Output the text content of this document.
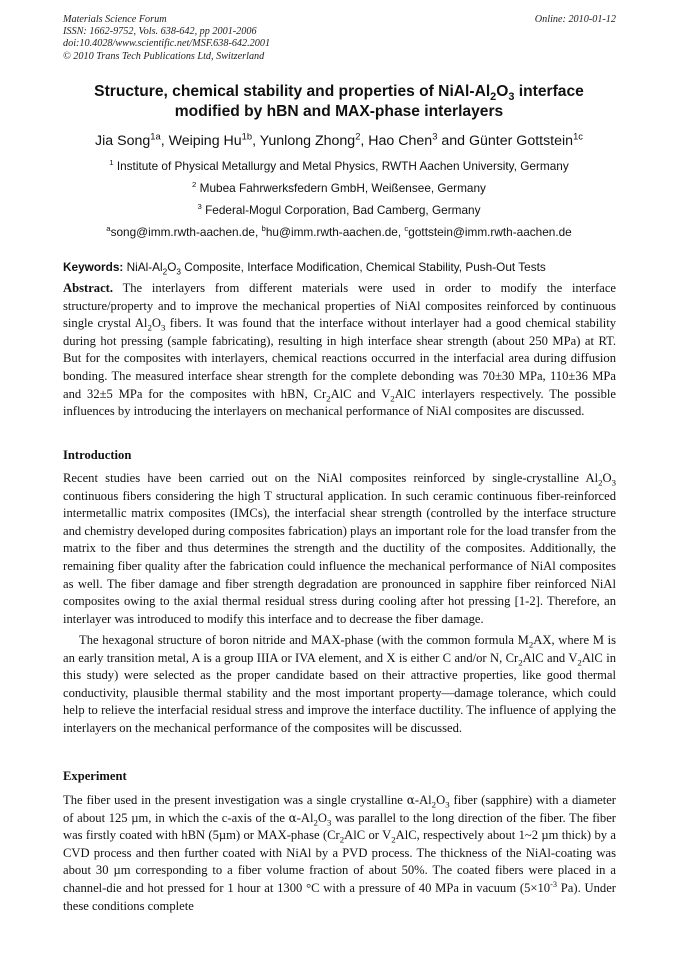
Materials Science Forum
ISSN: 1662-9752, Vols. 638-642, pp 2001-2006
doi:10.4028/www.scientific.net/MSF.638-642.2001
© 2010 Trans Tech Publications Ltd, Switzerland
Online: 2010-01-12
Structure, chemical stability and properties of NiAl-$Al_2O_3$ interface
modified by hBN and MAX-phase interlayers
Jia Song$^{1a}$, Weiping $Hu^{1b}$, Yunlong Zhong$^2$, Hao Chen$^3$ and Günter Gottstein$^{1c}$
$^1$ Institute of Physical Metallurgy and Metal Physics, RWTH Aachen University, Germany
$^2$ Mubea Fahrwerksfedern GmbH, Weißensee, Germany
$^3$ Federal-Mogul Corporation, Bad Camberg, Germany
$^a$song@imm.rwth-aachen.de, $^b$hu@imm.rwth-aachen.de, $^c$gottstein@imm.rwth-aachen.de
Keywords: NiAl-$Al_2O_3$ Composite, Interface Modification, Chemical Stability, Push-Out Tests
Abstract. The interlayers from different materials were used in order to modify the interface structure/property and to improve the mechanical properties of NiAl composites reinforced by continuous single crystal $Al_2O_3$ fibers. It was found that the interface without interlayer had a good chemical stability during hot pressing (sample fabricating), resulting in high interface shear strength (about 250 MPa) at RT. But for the composites with interlayers, chemical reactions occurred in the interfacial area during diffusion bonding. The measured interface shear strength for the complete debonding was 70±30 MPa, 110±36 MPa and 32±5 MPa for the composites with hBN, $Cr_2AlC$ and $V_2AlC$ interlayers respectively. The possible influences by introducing the interlayers on mechanical performance of NiAl composites are discussed.
Introduction
Recent studies have been carried out on the NiAl composites reinforced by single-crystalline $Al_2O_3$ continuous fibers considering the high T structural application. In such ceramic continuous fiber-reinforced intermetallic matrix composites (IMCs), the interfacial shear strength (controlled by the interface structure and chemistry developed during composites fabrication) plays an important role for the load transfer from the matrix to the fiber and thus determines the strength and the ductility of the composites. Additionally, the remaining fiber quality after the fabrication could influence the mechanical performance of NiAl composites as well. The fiber damage and fiber strength degradation are pronounced in sapphire fiber reinforced NiAl composites owing to the axial thermal residual stress during cooling after hot pressing [1-2]. Therefore, an interlayer was introduced to modify this interface and to decrease the fiber damage.
The hexagonal structure of boron nitride and MAX-phase (with the common formula $M_2AX$, where M is an early transition metal, A is a group IIIA or IVA element, and X is either C and/or N, $Cr_2AlC$ and $V_2AlC$ in this study) were selected as the proper candidate based on their attractive properties, like good thermal conductivity, plausible thermal stability and the most important property—damage tolerance, which could help to relieve the interfacial residual stress and improve the interface ductility. The influence of applying the interlayers on the mechanical performance of the composites will be discussed.
Experiment
The fiber used in the present investigation was a single crystalline $\alpha-Al_2O_3$ fiber (sapphire) with a diameter of about 125 µm, in which the c-axis of the $\alpha-Al_2O_3$ was parallel to the long direction of the fiber. The fiber was firstly coated with hBN (5µm) or MAX-phase ($Cr_2AlC$ or $V_2AlC$, respectively about 1~2 µm thick) by a CVD process and then further coated with NiAl by a PVD process. The thickness of the NiAl-coating was about 30 µm corresponding to a fiber volume fraction of about 50%. The coated fibers were placed in a channel-die and hot pressed for 1 hour at 1300 °C with a pressure of 40 MPa in vacuum ($5\times 10^{-3}$ Pa). Under these conditions complete
